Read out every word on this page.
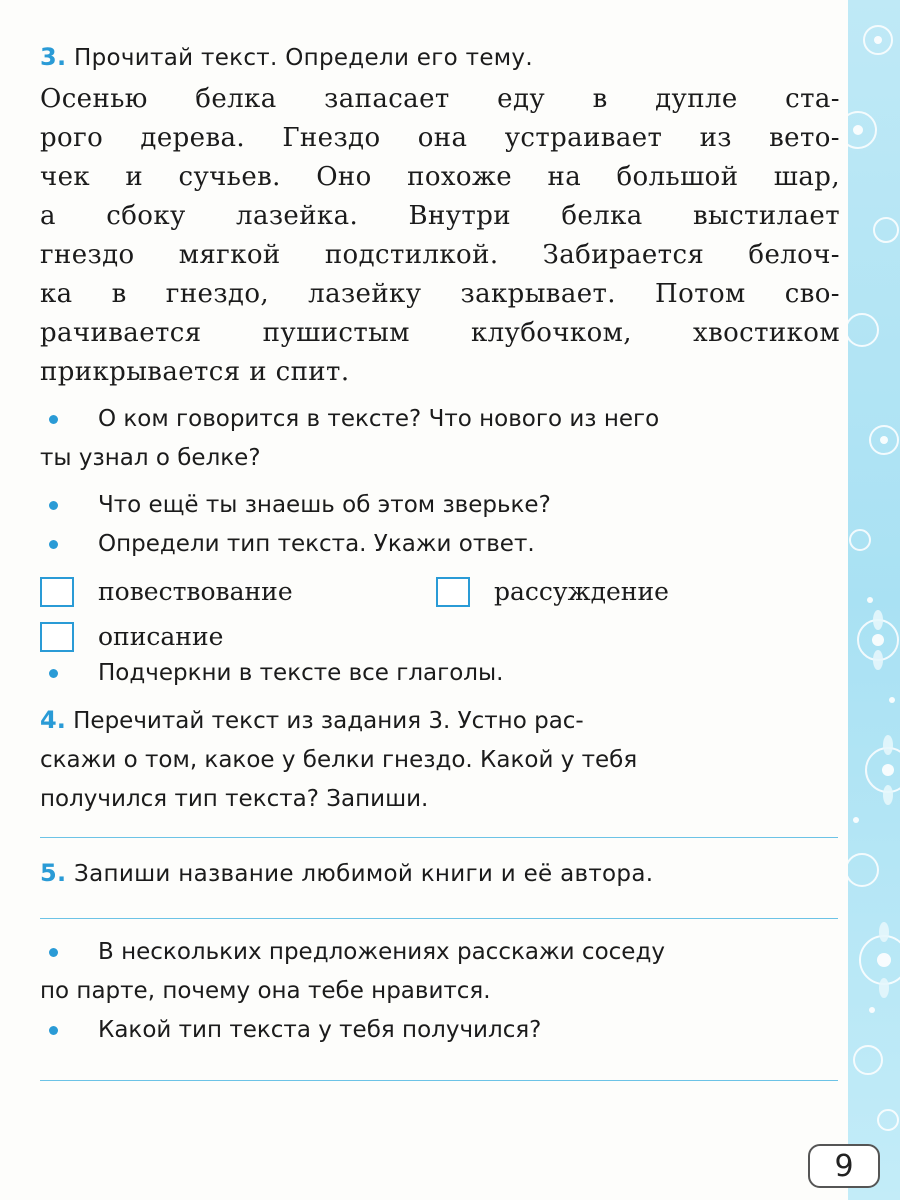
3. Прочитай текст. Определи его тему.

Осенью белка запасает еду в дупле ста-
рого дерева. Гнездо она устраивает из вето-
чек и сучьев. Оно похоже на большой шар,
а сбоку лазейка. Внутри белка выстилает
гнездо мягкой подстилкой. Забирается белоч-
ка в гнездо, лазейку закрывает. Потом сво-
рачивается пушистым клубочком, хвостиком
прикрывается и спит.
О ком говорится в тексте? Что нового из него
ты узнал о белке?
Что ещё ты знаешь об этом зверьке?
Определи тип текста. Укажи ответ.
повествование	рассуждение
описание
Подчеркни в тексте все глаголы.

4. Перечитай текст из задания 3. Устно рас-
скажи о том, какое у белки гнездо. Какой у тебя
получился тип текста? Запиши.

5. Запиши название любимой книги и её автора.

В нескольких предложениях расскажи соседу
по парте, почему она тебе нравится.
Какой тип текста у тебя получился?
9
